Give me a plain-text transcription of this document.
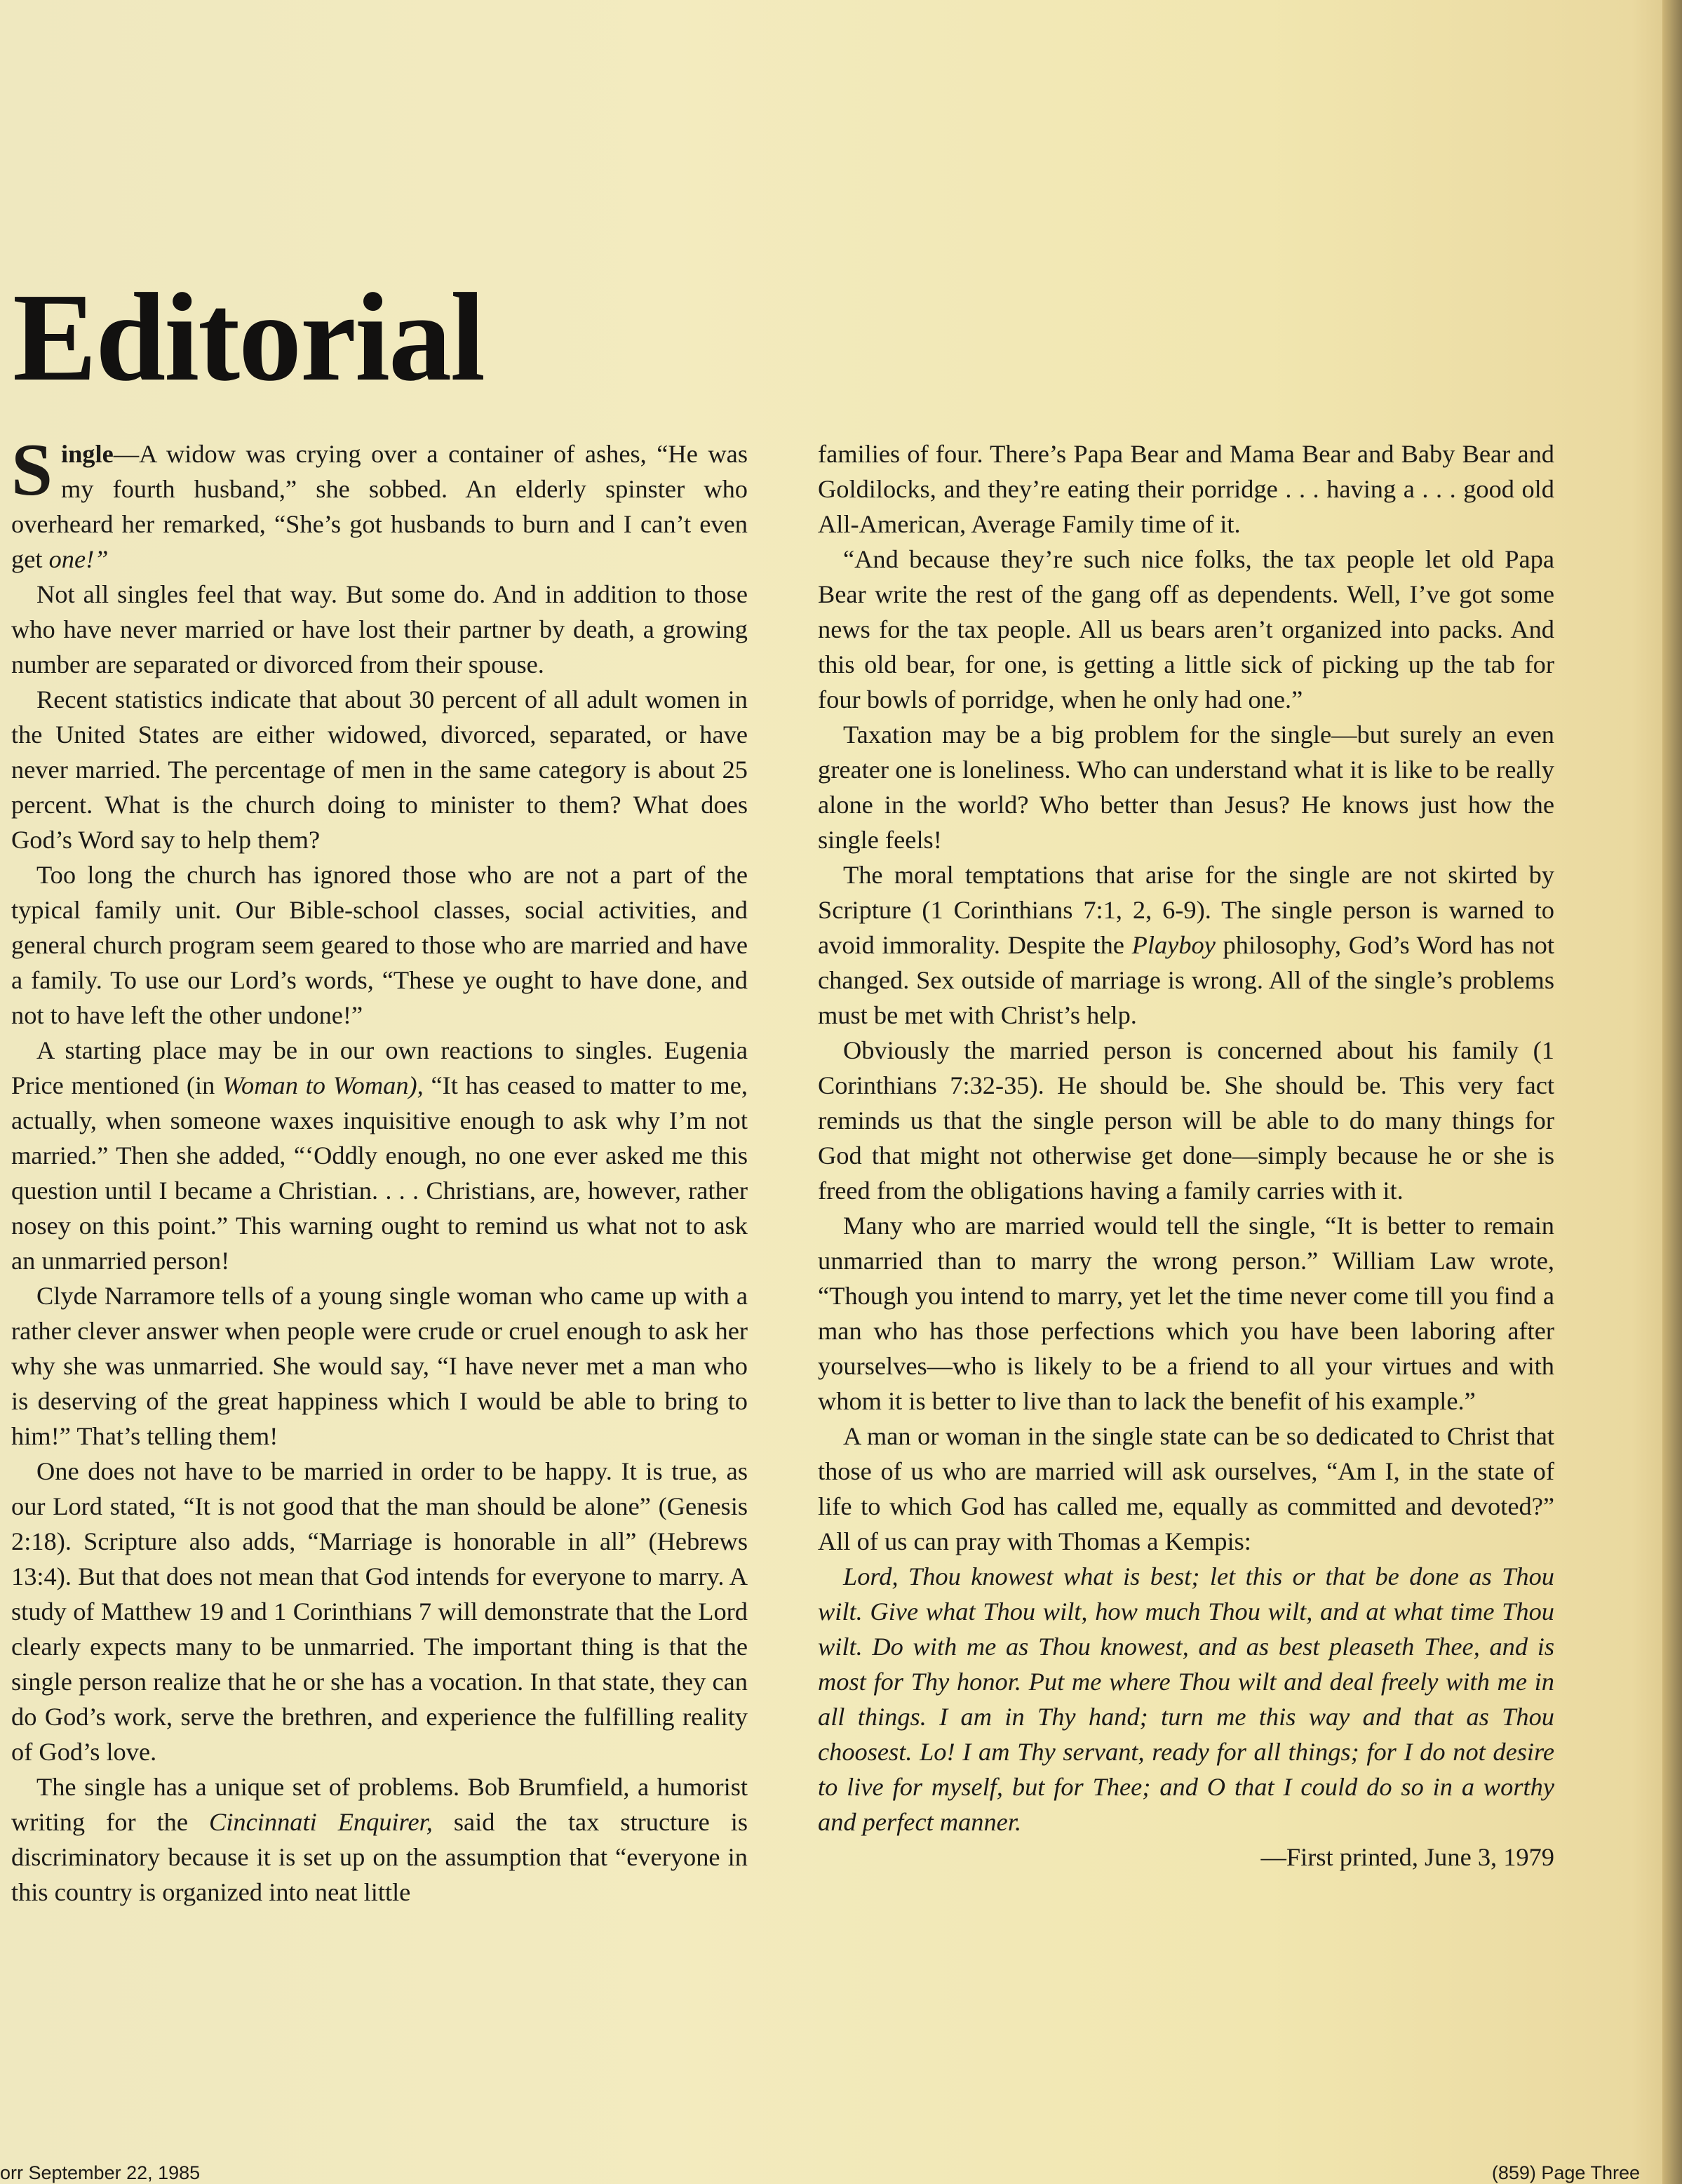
Editorial

Single—A widow was crying over a container of ashes, “He was my fourth husband,” she sobbed. An elderly spinster who overheard her remarked, “She’s got husbands to burn and I can’t even get one!”

Not all singles feel that way. But some do. And in addition to those who have never married or have lost their partner by death, a growing number are separated or divorced from their spouse.

Recent statistics indicate that about 30 percent of all adult women in the United States are either widowed, divorced, separated, or have never married. The percentage of men in the same category is about 25 percent. What is the church doing to minister to them? What does God’s Word say to help them?

Too long the church has ignored those who are not a part of the typical family unit. Our Bible-school classes, social activities, and general church program seem geared to those who are married and have a family. To use our Lord’s words, “These ye ought to have done, and not to have left the other undone!”

A starting place may be in our own reactions to singles. Eugenia Price mentioned (in Woman to Woman), “It has ceased to matter to me, actually, when someone waxes inquisitive enough to ask why I’m not married.” Then she added, “‘Oddly enough, no one ever asked me this question until I became a Christian. . . . Christians, are, however, rather nosey on this point.” This warning ought to remind us what not to ask an unmarried person!

Clyde Narramore tells of a young single woman who came up with a rather clever answer when people were crude or cruel enough to ask her why she was unmarried. She would say, “I have never met a man who is deserving of the great happiness which I would be able to bring to him!” That’s telling them!

One does not have to be married in order to be happy. It is true, as our Lord stated, “It is not good that the man should be alone” (Genesis 2:18). Scripture also adds, “Marriage is honorable in all” (Hebrews 13:4). But that does not mean that God intends for everyone to marry. A study of Matthew 19 and 1 Corinthians 7 will demonstrate that the Lord clearly expects many to be unmarried. The important thing is that the single person realize that he or she has a vocation. In that state, they can do God’s work, serve the brethren, and experience the fulfilling reality of God’s love.

The single has a unique set of problems. Bob Brumfield, a humorist writing for the Cincinnati Enquirer, said the tax structure is discriminatory because it is set up on the assumption that “everyone in this country is organized into neat little

families of four. There’s Papa Bear and Mama Bear and Baby Bear and Goldilocks, and they’re eating their porridge . . . having a . . . good old All-American, Average Family time of it.

“And because they’re such nice folks, the tax people let old Papa Bear write the rest of the gang off as dependents. Well, I’ve got some news for the tax people. All us bears aren’t organized into packs. And this old bear, for one, is getting a little sick of picking up the tab for four bowls of porridge, when he only had one.”

Taxation may be a big problem for the single—but surely an even greater one is loneliness. Who can understand what it is like to be really alone in the world? Who better than Jesus? He knows just how the single feels!

The moral temptations that arise for the single are not skirted by Scripture (1 Corinthians 7:1, 2, 6-9). The single person is warned to avoid immorality. Despite the Playboy philosophy, God’s Word has not changed. Sex outside of marriage is wrong. All of the single’s problems must be met with Christ’s help.

Obviously the married person is concerned about his family (1 Corinthians 7:32-35). He should be. She should be. This very fact reminds us that the single person will be able to do many things for God that might not otherwise get done—simply because he or she is freed from the obligations having a family carries with it.

Many who are married would tell the single, “It is better to remain unmarried than to marry the wrong person.” William Law wrote, “Though you intend to marry, yet let the time never come till you find a man who has those perfections which you have been laboring after yourselves—who is likely to be a friend to all your virtues and with whom it is better to live than to lack the benefit of his example.”

A man or woman in the single state can be so dedicated to Christ that those of us who are married will ask ourselves, “Am I, in the state of life to which God has called me, equally as committed and devoted?” All of us can pray with Thomas a Kempis:

Lord, Thou knowest what is best; let this or that be done as Thou wilt. Give what Thou wilt, how much Thou wilt, and at what time Thou wilt. Do with me as Thou knowest, and as best pleaseth Thee, and is most for Thy honor. Put me where Thou wilt and deal freely with me in all things. I am in Thy hand; turn me this way and that as Thou choosest. Lo! I am Thy servant, ready for all things; for I do not desire to live for myself, but for Thee; and O that I could do so in a worthy and perfect manner.

—First printed, June 3, 1979

orr September 22, 1985	(859) Page Three
